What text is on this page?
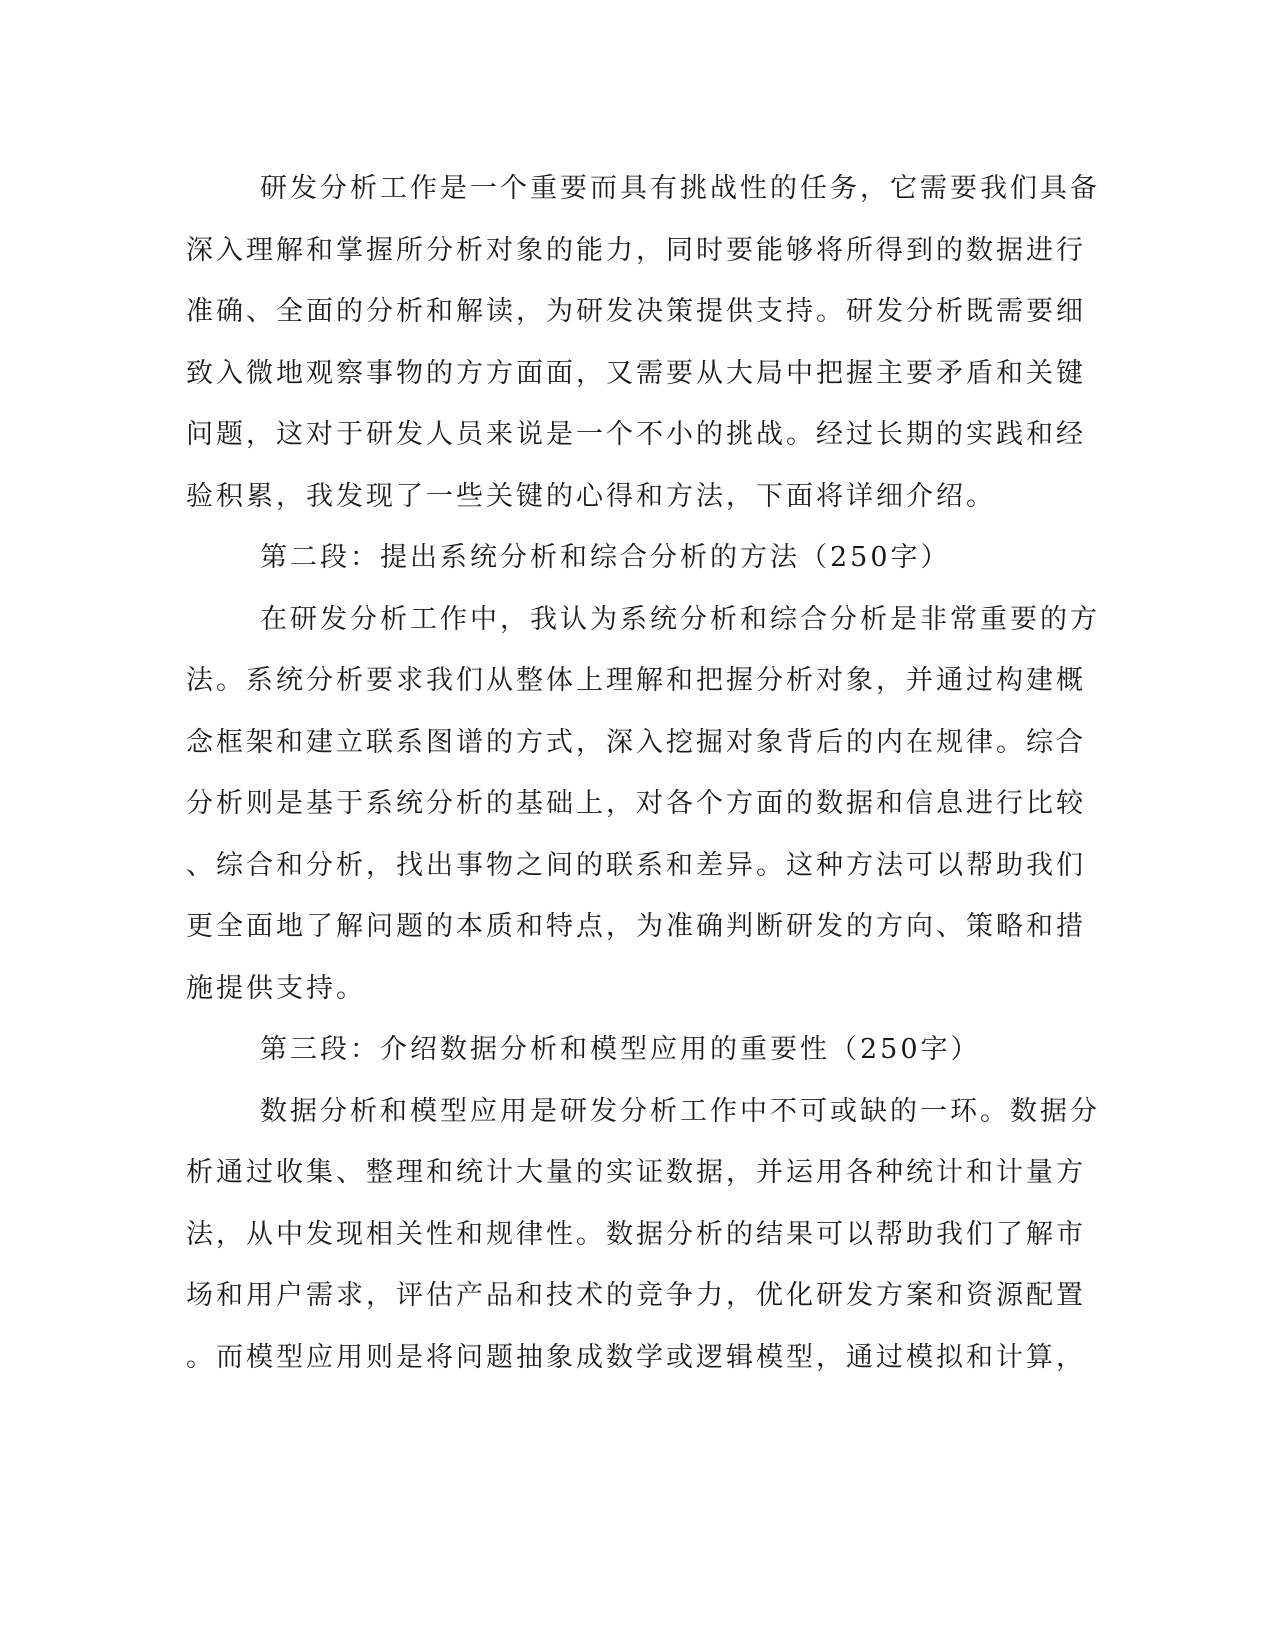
研发分析工作是一个重要而具有挑战性的任务，它需要我们具备
深入理解和掌握所分析对象的能力，同时要能够将所得到的数据进行
准确、全面的分析和解读，为研发决策提供支持。研发分析既需要细
致入微地观察事物的方方面面，又需要从大局中把握主要矛盾和关键
问题，这对于研发人员来说是一个不小的挑战。经过长期的实践和经
验积累，我发现了一些关键的心得和方法，下面将详细介绍。
第二段：提出系统分析和综合分析的方法（250字）
在研发分析工作中，我认为系统分析和综合分析是非常重要的方
法。系统分析要求我们从整体上理解和把握分析对象，并通过构建概
念框架和建立联系图谱的方式，深入挖掘对象背后的内在规律。综合
分析则是基于系统分析的基础上，对各个方面的数据和信息进行比较
、综合和分析，找出事物之间的联系和差异。这种方法可以帮助我们
更全面地了解问题的本质和特点，为准确判断研发的方向、策略和措
施提供支持。
第三段：介绍数据分析和模型应用的重要性（250字）
数据分析和模型应用是研发分析工作中不可或缺的一环。数据分
析通过收集、整理和统计大量的实证数据，并运用各种统计和计量方
法，从中发现相关性和规律性。数据分析的结果可以帮助我们了解市
场和用户需求，评估产品和技术的竞争力，优化研发方案和资源配置
。而模型应用则是将问题抽象成数学或逻辑模型，通过模拟和计算，
